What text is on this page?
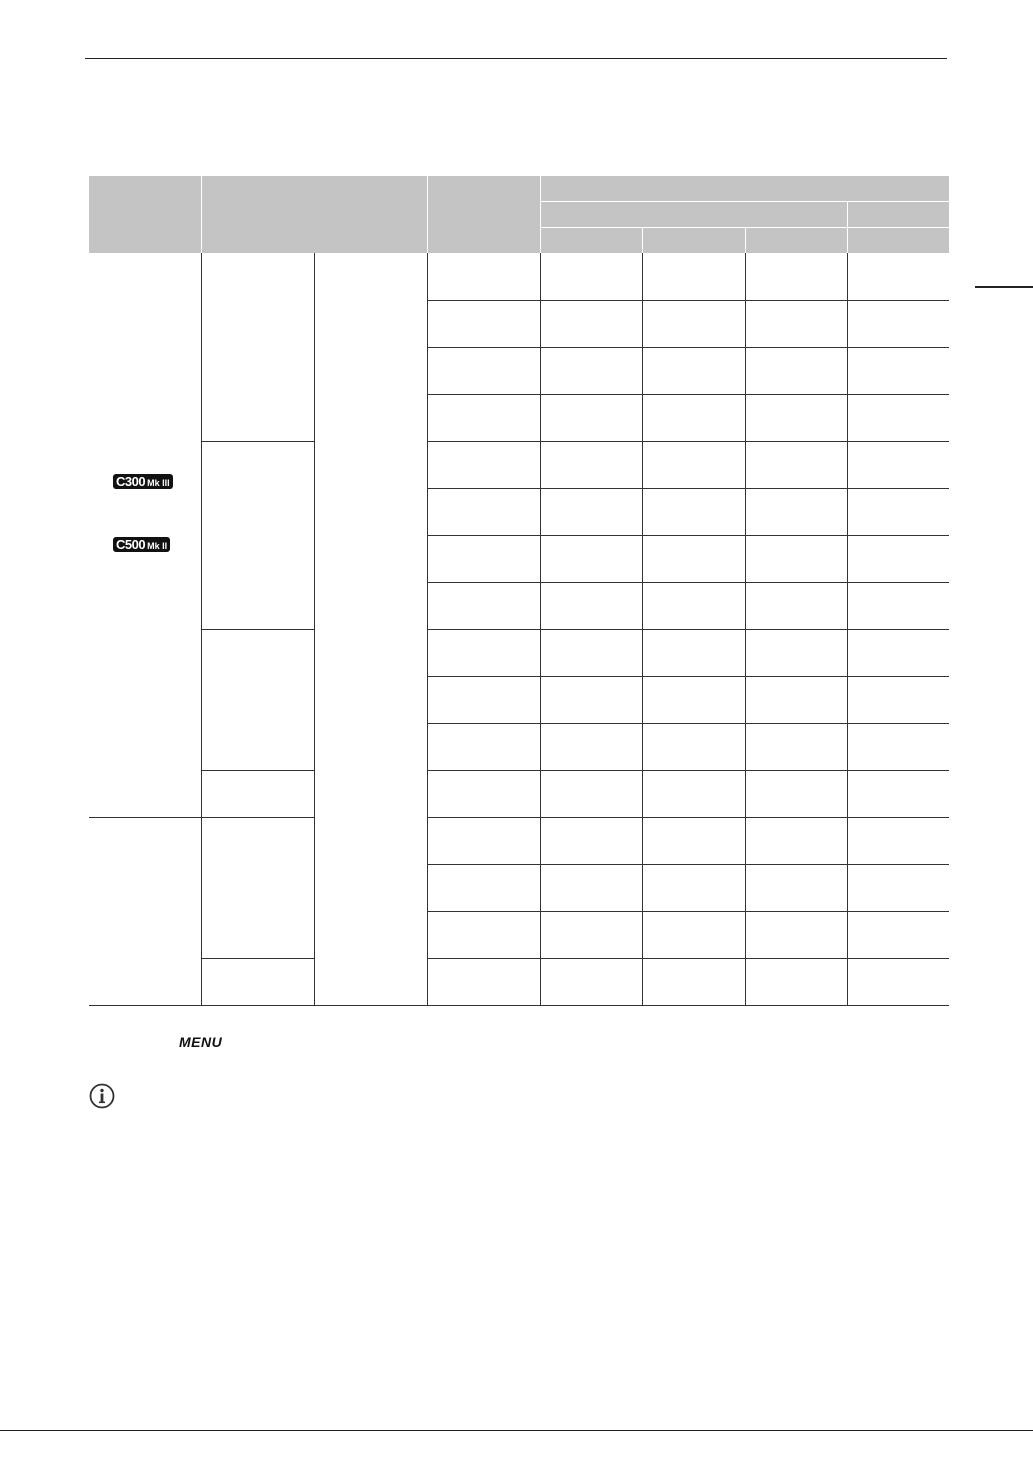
C300 Mk III
C500 Mk II
MENU
